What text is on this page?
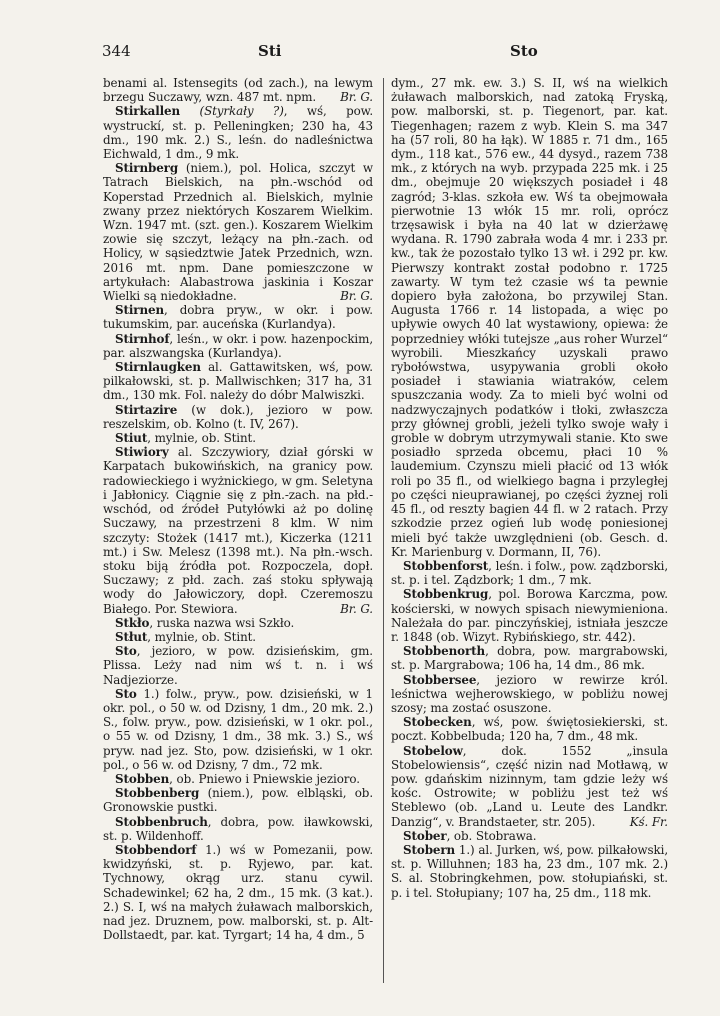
344	Sti	Sto

benami al. Istensegits (od zach.), na lewym brzegu Suczawy, wzn. 487 mt. npm. Br. G.

Stirkallen (Styrkały ?), wś, pow. wystruckí, st. p. Pelleningken; 230 ha, 43 dm., 190 mk. 2.) S., leśn. do nadleśnictwa Eichwald, 1 dm., 9 mk.

Stirnberg (niem.), pol. Holica, szczyt w Tatrach Bielskich, na płn.-wschód od Koperstad Przednich al. Bielskich, mylnie zwany przez niektórych Koszarem Wielkim. Wzn. 1947 mt. (szt. gen.). Koszarem Wielkim zowie się szczyt, leżący na płn.-zach. od Holicy, w sąsiedztwie Jatek Przednich, wzn. 2016 mt. npm. Dane pomieszczone w artykułach: Alabastrowa jaskinia i Koszar Wielki są niedokładne.	Br. G.

Stirnen, dobra pryw., w okr. i pow. tukumskim, par. auceńska (Kurlandya).

Stirnhof, leśn., w okr. i pow. hazenpockim, par. alszwangska (Kurlandya).

Stirnlaugken al. Gattawitsken, wś, pow. pilkałowski, st. p. Mallwischken; 317 ha, 31 dm., 130 mk. Fol. należy do dóbr Malwiszki.

Stirtazire (w dok.), jezioro w pow. reszelskim, ob. Kolno (t. IV, 267).

Stiut, mylnie, ob. Stint.

Stiwiory al. Szczywiory, dział górski w Karpatach bukowińskich, na granicy pow. radowieckiego i wyżnickiego, w gm. Seletyna i Jabłonicy. Ciągnie się z płn.-zach. na płd.-wschód, od źródeł Putyłówki aż po dolinę Suczawy, na przestrzeni 8 klm. W nim szczyty: Stożek (1417 mt.), Kiczerka (1211 mt.) i Sw. Melesz (1398 mt.). Na płn.-wsch. stoku biją źródła pot. Rozpoczela, dopł. Suczawy; z płd. zach. zaś stoku spływają wody do Jałowiczory, dopł. Czeremoszu Białego. Por. Stewiora.	Br. G.

Stkło, ruska nazwa wsi Szkło.

Stłut, mylnie, ob. Stint.

Sto, jezioro, w pow. dzisieńskim, gm. Plissa. Leży nad nim wś t. n. i wś Nadjeziorze.

Sto 1.) folw., pryw., pow. dzisieński, w 1 okr. pol., o 50 w. od Dzisny, 1 dm., 20 mk. 2.) S., folw. pryw., pow. dzisieński, w 1 okr. pol., o 55 w. od Dzisny, 1 dm., 38 mk. 3.) S., wś pryw. nad jez. Sto, pow. dzisieński, w 1 okr. pol., o 56 w. od Dzisny, 7 dm., 72 mk.

Stobben, ob. Pniewo i Pniewskie jezioro.

Stobbenberg (niem.), pow. elbląski, ob. Gronowskie pustki.

Stobbenbruch, dobra, pow. iławkowski, st. p. Wildenhoff.

Stobbendorf 1.) wś w Pomezanii, pow. kwidzyński, st. p. Ryjewo, par. kat. Tychnowy, okrąg urz. stanu cywil. Schadewinkel; 62 ha, 2 dm., 15 mk. (3 kat.). 2.) S. I, wś na małych żuławach malborskich, nad jez. Druznem, pow. malborski, st. p. Alt-Dollstaedt, par. kat. Tyrgart; 14 ha, 4 dm., 5

dym., 27 mk. ew. 3.) S. II, wś na wielkich żuławach malborskich, nad zatoką Fryską, pow. malborski, st. p. Tiegenort, par. kat. Tiegenhagen; razem z wyb. Klein S. ma 347 ha (57 roli, 80 ha łąk). W 1885 r. 71 dm., 165 dym., 118 kat., 576 ew., 44 dysyd., razem 738 mk., z których na wyb. przypada 225 mk. i 25 dm., obejmuje 20 większych posiadeł i 48 zagród; 3-klas. szkoła ew. Wś ta obejmowała pierwotnie 13 włók 15 mr. roli, oprócz trzęsawisk i była na 40 lat w dzierżawę wydana. R. 1790 zabrała woda 4 mr. i 233 pr. kw., tak że pozostało tylko 13 wł. i 292 pr. kw. Pierwszy kontrakt został podobno r. 1725 zawarty. W tym też czasie wś ta pewnie dopiero była założona, bo przywilej Stan. Augusta 1766 r. 14 listopada, a więc po upływie owych 40 lat wystawiony, opiewa: że poprzedniey włóki tutejsze „aus roher Wurzel“ wyrobili. Mieszkańcy uzyskali prawo rybołówstwa, usypywania grobli około posiadeł i stawiania wiatraków, celem spuszczania wody. Za to mieli być wolni od nadzwyczajnych podatków i tłoki, zwłaszcza przy głównej grobli, jeżeli tylko swoje wały i groble w dobrym utrzymywali stanie. Kto swe posiadło sprzeda obcemu, płaci 10 % laudemium. Czynszu mieli płacić od 13 włók roli po 35 fl., od wielkiego bagna i przyległej po części nieuprawianej, po części żyznej roli 45 fl., od reszty bagien 44 fl. w 2 ratach. Przy szkodzie przez ogień lub wodę poniesionej mieli być także uwzględnieni (ob. Gesch. d. Kr. Marienburg v. Dormann, II, 76).

Stobbenforst, leśn. i folw., pow. ządzborski, st. p. i tel. Ządzbork; 1 dm., 7 mk.

Stobbenkrug, pol. Borowa Karczma, pow. kościerski, w nowych spisach niewymieniona. Należała do par. pinczyńskiej, istniała jeszcze r. 1848 (ob. Wizyt. Rybińskiego, str. 442).

Stobbenorth, dobra, pow. margrabowski, st. p. Margrabowa; 106 ha, 14 dm., 86 mk.

Stobbersee, jezioro w rewirze król. leśnictwa wejherowskiego, w pobliżu nowej szosy; ma zostać osuszone.

Stobecken, wś, pow. świętosiekierski, st. poczt. Kobbelbuda; 120 ha, 7 dm., 48 mk.

Stobelow, dok. 1552 „insula Stobelowiensis“, część nizin nad Motławą, w pow. gdańskim nizinnym, tam gdzie leży wś kośc. Ostrowite; w pobliżu jest też wś Steblewo (ob. „Land u. Leute des Landkr. Danzig“, v. Brandstaeter, str. 205).	Kś. Fr.

Stober, ob. Stobrawa.

Stobern 1.) al. Jurken, wś, pow. pilkałowski, st. p. Willuhnen; 183 ha, 23 dm., 107 mk. 2.) S. al. Stobringkehmen, pow. stołupiański, st. p. i tel. Stołupiany; 107 ha, 25 dm., 118 mk.
